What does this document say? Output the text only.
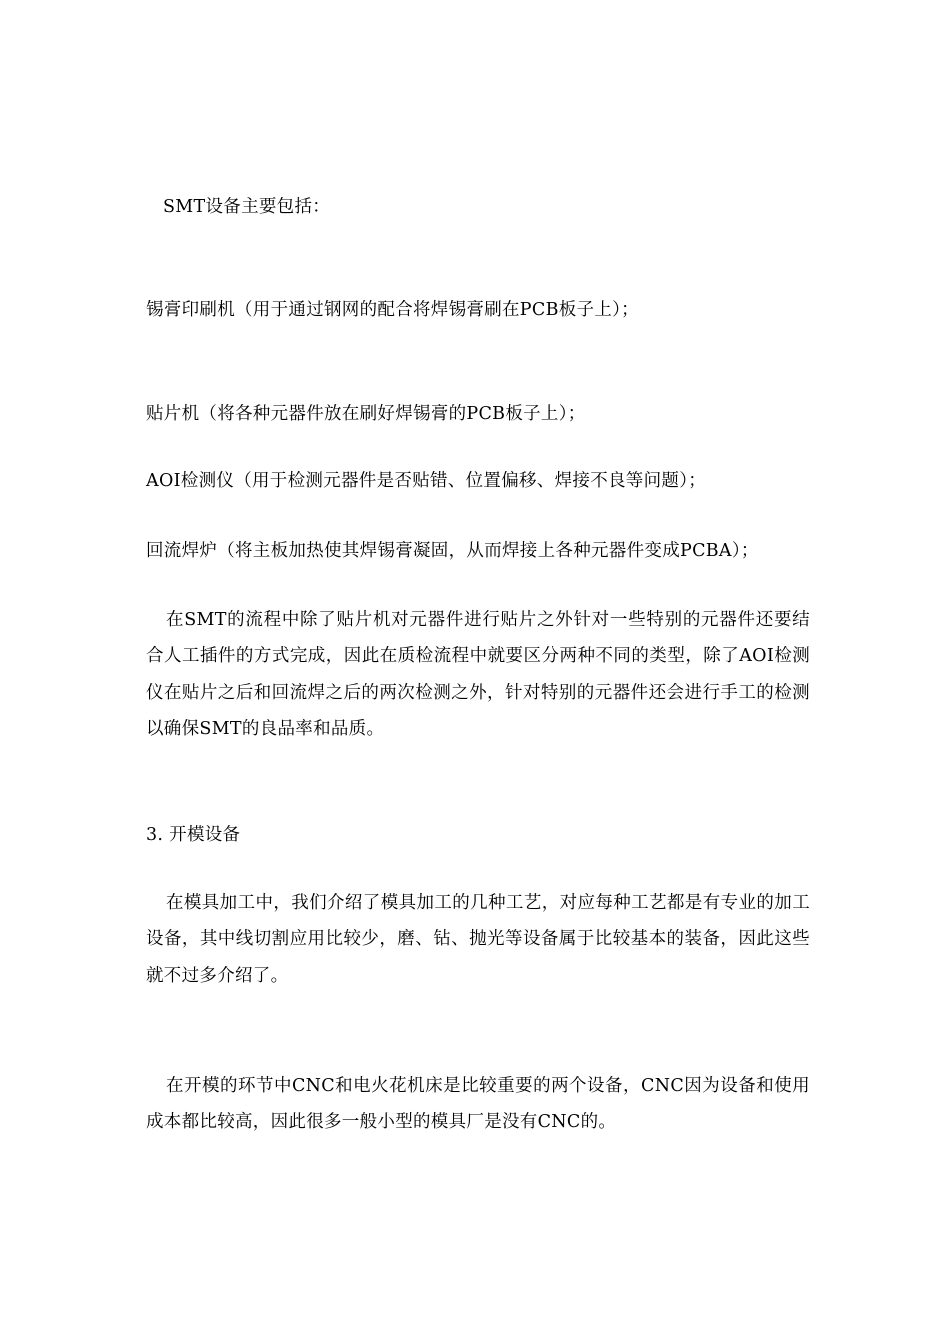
SMT设备主要包括：
锡膏印刷机（用于通过钢网的配合将焊锡膏刷在PCB板子上）；
贴片机（将各种元器件放在刷好焊锡膏的PCB板子上）；
AOI检测仪（用于检测元器件是否贴错、位置偏移、焊接不良等问题）；
回流焊炉（将主板加热使其焊锡膏凝固，从而焊接上各种元器件变成PCBA）；
在SMT的流程中除了贴片机对元器件进行贴片之外针对一些特别的元器件还要结合人工插件的方式完成，因此在质检流程中就要区分两种不同的类型，除了AOI检测仪在贴片之后和回流焊之后的两次检测之外，针对特别的元器件还会进行手工的检测以确保SMT的良品率和品质。
3. 开模设备
在模具加工中，我们介绍了模具加工的几种工艺，对应每种工艺都是有专业的加工设备，其中线切割应用比较少，磨、钻、抛光等设备属于比较基本的装备，因此这些就不过多介绍了。
在开模的环节中CNC和电火花机床是比较重要的两个设备，CNC因为设备和使用成本都比较高，因此很多一般小型的模具厂是没有CNC的。
